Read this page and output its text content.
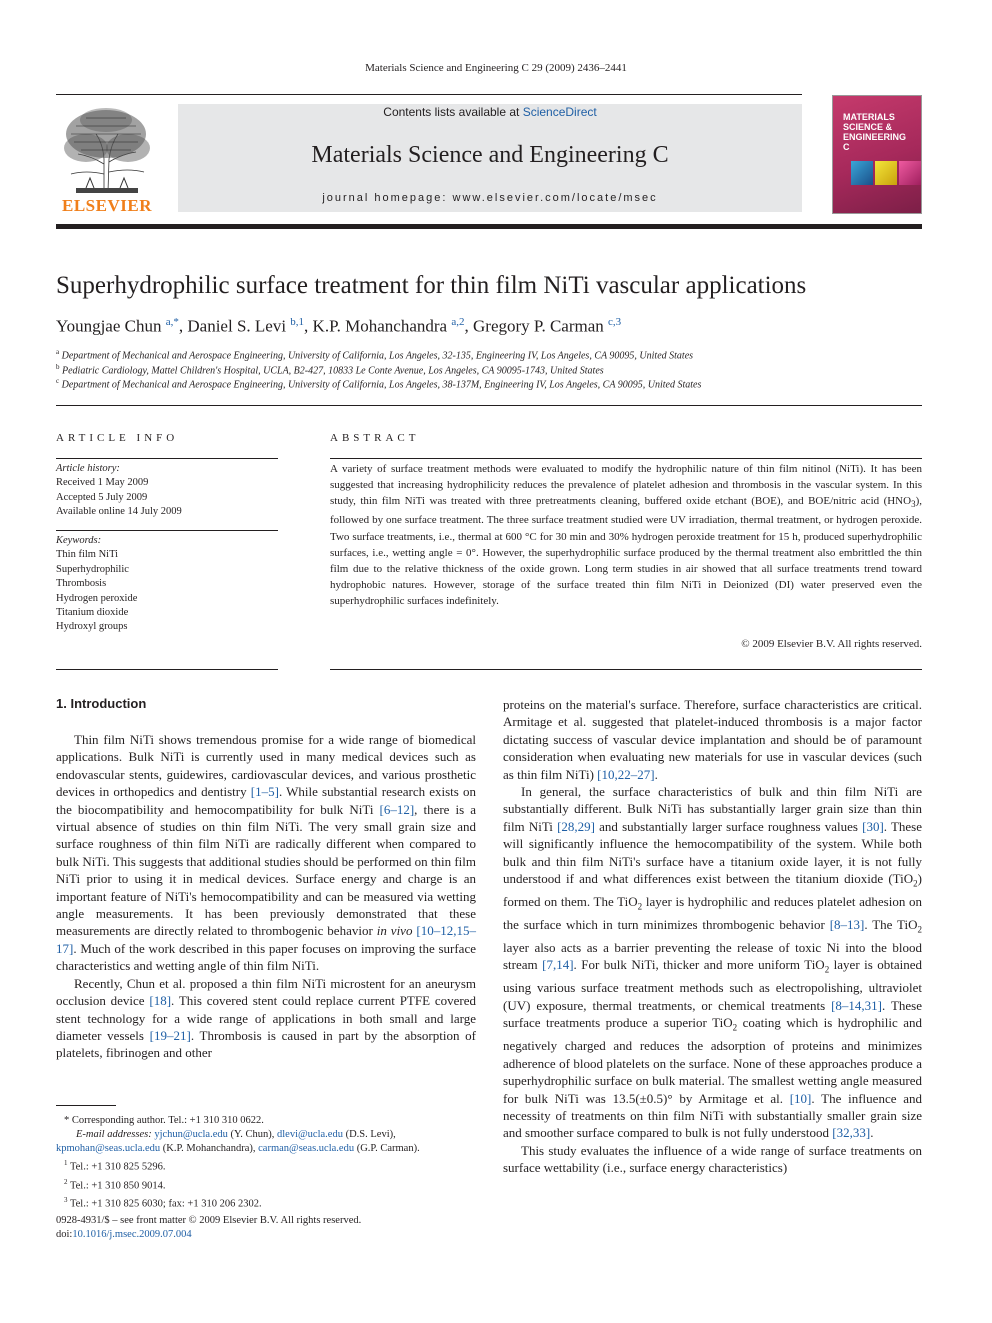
Materials Science and Engineering C 29 (2009) 2436–2441
ELSEVIER
Contents lists available at ScienceDirect
Materials Science and Engineering C
journal homepage: www.elsevier.com/locate/msec
MATERIALS
SCIENCE &
ENGINEERING
C
Superhydrophilic surface treatment for thin film NiTi vascular applications
Youngjae Chun $^{a,*}$, Daniel S. Levi $^{b,1}$, K.P. Mohanchandra $^{a,2}$, Gregory P. Carman $^{c,3}$
$^a$ Department of Mechanical and Aerospace Engineering, University of California, Los Angeles, 32-135, Engineering IV, Los Angeles, CA 90095, United States
$^b$ Pediatric Cardiology, Mattel Children's Hospital, UCLA, B2-427, 10833 Le Conte Avenue, Los Angeles, CA 90095-1743, United States
$^c$ Department of Mechanical and Aerospace Engineering, University of California, Los Angeles, 38-137M, Engineering IV, Los Angeles, CA 90095, United States
ARTICLE INFO
Article history:
Received 1 May 2009
Accepted 5 July 2009
Available online 14 July 2009
Keywords:
Thin film NiTi
Superhydrophilic
Thrombosis
Hydrogen peroxide
Titanium dioxide
Hydroxyl groups
ABSTRACT
A variety of surface treatment methods were evaluated to modify the hydrophilic nature of thin film nitinol (NiTi). It has been suggested that increasing hydrophilicity reduces the prevalence of platelet adhesion and thrombosis in the vascular system. In this study, thin film NiTi was treated with three pretreatments cleaning, buffered oxide etchant (BOE), and BOE/nitric acid $(HNO_3)$, followed by one surface treatment. The three surface treatment studied were UV irradiation, thermal treatment, or hydrogen peroxide. Two surface treatments, i.e., thermal at 600 °C for 30 min and 30% hydrogen peroxide treatment for 15 h, produced superhydrophilic surfaces, i.e., wetting angle = 0°. However, the superhydrophilic surface produced by the thermal treatment also embrittled the thin film due to the relative thickness of the oxide grown. Long term studies in air showed that all surface treatments trend toward hydrophobic natures. However, storage of the surface treated thin film NiTi in Deionized (DI) water preserved even the superhydrophilic surfaces indefinitely.
© 2009 Elsevier B.V. All rights reserved.
1. Introduction

Thin film NiTi shows tremendous promise for a wide range of biomedical applications. Bulk NiTi is currently used in many medical devices such as endovascular stents, guidewires, cardiovascular devices, and various prosthetic devices in orthopedics and dentistry [1–5]. While substantial research exists on the biocompatibility and hemocompatibility for bulk NiTi [6–12], there is a virtual absence of studies on thin film NiTi. The very small grain size and surface roughness of thin film NiTi are radically different when compared to bulk NiTi. This suggests that additional studies should be performed on thin film NiTi prior to using it in medical devices. Surface energy and charge is an important feature of NiTi's hemocompatibility and can be measured via wetting angle measurements. It has been previously demonstrated that these measurements are directly related to thrombogenic behavior in vivo [10–12,15–17]. Much of the work described in this paper focuses on improving the surface characteristics and wetting angle of thin film NiTi.

Recently, Chun et al. proposed a thin film NiTi microstent for an aneurysm occlusion device [18]. This covered stent could replace current PTFE covered stent technology for a wide range of applications in both small and large diameter vessels [19–21]. Thrombosis is caused in part by the absorption of platelets, fibrinogen and other

proteins on the material's surface. Therefore, surface characteristics are critical. Armitage et al. suggested that platelet-induced thrombosis is a major factor dictating success of vascular device implantation and should be of paramount consideration when evaluating new materials for use in vascular devices (such as thin film NiTi) [10,22–27].

In general, the surface characteristics of bulk and thin film NiTi are substantially different. Bulk NiTi has substantially larger grain size than thin film NiTi [28,29] and substantially larger surface roughness values [30]. These will significantly influence the hemocompatibility of the system. While both bulk and thin film NiTi's surface have a titanium oxide layer, it is not fully understood if and what differences exist between the titanium dioxide (TiO$_2$) formed on them. The TiO$_2$ layer is hydrophilic and reduces platelet adhesion on the surface which in turn minimizes thrombogenic behavior [8–13]. The TiO$_2$ layer also acts as a barrier preventing the release of toxic Ni into the blood stream [7,14]. For bulk NiTi, thicker and more uniform TiO$_2$ layer is obtained using various surface treatment methods such as electropolishing, ultraviolet (UV) exposure, thermal treatments, or chemical treatments [8–14,31]. These surface treatments produce a superior TiO$_2$ coating which is hydrophilic and negatively charged and reduces the adsorption of proteins and minimizes adherence of blood platelets on the surface. None of these approaches produce a superhydrophilic surface on bulk material. The smallest wetting angle measured for bulk NiTi was 13.5(±0.5)° by Armitage et al. [10]. The influence and necessity of treatments on thin film NiTi with substantially smaller grain size and smoother surface compared to bulk is not fully understood [32,33].

This study evaluates the influence of a wide range of surface treatments on surface wettability (i.e., surface energy characteristics)

* Corresponding author. Tel.: +1 310 310 0622.
E-mail addresses: yjchun@ucla.edu (Y. Chun), dlevi@ucla.edu (D.S. Levi),
kpmohan@seas.ucla.edu (K.P. Mohanchandra), carman@seas.ucla.edu (G.P. Carman).
$^1$ Tel.: +1 310 825 5296.
$^2$ Tel.: +1 310 850 9014.
$^3$ Tel.: +1 310 825 6030; fax: +1 310 206 2302.
0928-4931/$ – see front matter © 2009 Elsevier B.V. All rights reserved.
doi:10.1016/j.msec.2009.07.004
